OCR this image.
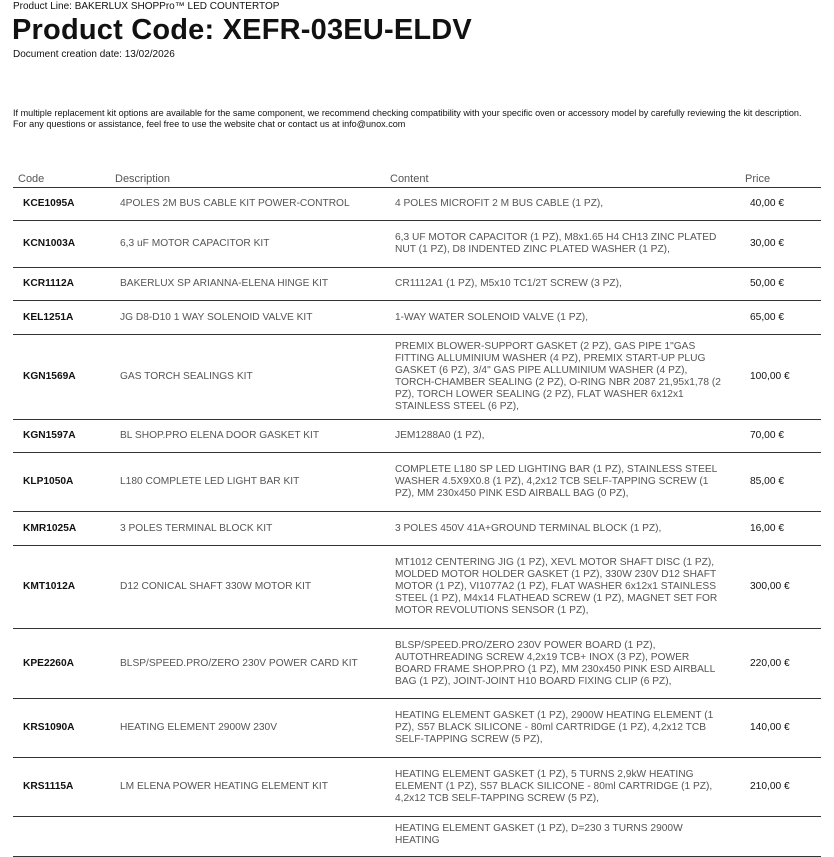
Product Line: BAKERLUX SHOPPro™ LED COUNTERTOP
Product Code: XEFR-03EU-ELDV
Document creation date: 13/02/2026
If multiple replacement kit options are available for the same component, we recommend checking compatibility with your specific oven or accessory model by carefully reviewing the kit description.
For any questions or assistance, feel free to use the website chat or contact us at info@unox.com
Code	Description	Content	Price
KCE1095A	4POLES 2M BUS CABLE KIT POWER-CONTROL	4 POLES MICROFIT 2 M BUS CABLE (1 PZ),	40,00 €
KCN1003A	6,3 uF MOTOR CAPACITOR KIT	6,3 UF MOTOR CAPACITOR (1 PZ), M8x1.65 H4 CH13 ZINC PLATED NUT (1 PZ), D8 INDENTED ZINC PLATED WASHER (1 PZ),	30,00 €
KCR1112A	BAKERLUX SP ARIANNA-ELENA HINGE KIT	CR1112A1 (1 PZ), M5x10 TC1/2T SCREW (3 PZ),	50,00 €
KEL1251A	JG D8-D10 1 WAY SOLENOID VALVE KIT	1-WAY WATER SOLENOID VALVE (1 PZ),	65,00 €
KGN1569A	GAS TORCH SEALINGS KIT	PREMIX BLOWER-SUPPORT GASKET (2 PZ), GAS PIPE 1"GAS FITTING ALLUMINIUM WASHER (4 PZ), PREMIX START-UP PLUG GASKET (6 PZ), 3/4" GAS PIPE ALLUMINIUM WASHER (4 PZ), TORCH-CHAMBER SEALING (2 PZ), O-RING NBR 2087 21,95x1,78 (2 PZ), TORCH LOWER SEALING (2 PZ), FLAT WASHER 6x12x1 STAINLESS STEEL (6 PZ),	100,00 €
KGN1597A	BL SHOP.PRO ELENA DOOR GASKET KIT	JEM1288A0 (1 PZ),	70,00 €
KLP1050A	L180 COMPLETE LED LIGHT BAR KIT	COMPLETE L180 SP LED LIGHTING BAR (1 PZ), STAINLESS STEEL WASHER 4.5X9X0.8 (1 PZ), 4,2x12 TCB SELF-TAPPING SCREW (1 PZ), MM 230x450 PINK ESD AIRBALL BAG (0 PZ),	85,00 €
KMR1025A	3 POLES TERMINAL BLOCK KIT	3 POLES 450V 41A+GROUND TERMINAL BLOCK (1 PZ),	16,00 €
KMT1012A	D12 CONICAL SHAFT 330W MOTOR KIT	MT1012 CENTERING JIG (1 PZ), XEVL MOTOR SHAFT DISC (1 PZ), MOLDED MOTOR HOLDER GASKET (1 PZ), 330W 230V D12 SHAFT MOTOR (1 PZ), VI1077A2 (1 PZ), FLAT WASHER 6x12x1 STAINLESS STEEL (1 PZ), M4x14 FLATHEAD SCREW (1 PZ), MAGNET SET FOR MOTOR REVOLUTIONS SENSOR (1 PZ),	300,00 €
KPE2260A	BLSP/SPEED.PRO/ZERO 230V POWER CARD KIT	BLSP/SPEED.PRO/ZERO 230V POWER BOARD (1 PZ), AUTOTHREADING SCREW 4,2x19 TCB+ INOX (3 PZ), POWER BOARD FRAME SHOP.PRO (1 PZ), MM 230x450 PINK ESD AIRBALL BAG (1 PZ), JOINT-JOINT H10 BOARD FIXING CLIP (6 PZ),	220,00 €
KRS1090A	HEATING ELEMENT 2900W 230V	HEATING ELEMENT GASKET (1 PZ), 2900W HEATING ELEMENT (1 PZ), S57 BLACK SILICONE - 80ml CARTRIDGE (1 PZ), 4,2x12 TCB SELF-TAPPING SCREW (5 PZ),	140,00 €
KRS1115A	LM ELENA POWER HEATING ELEMENT KIT	HEATING ELEMENT GASKET (1 PZ), 5 TURNS 2,9kW HEATING ELEMENT (1 PZ), S57 BLACK SILICONE - 80ml CARTRIDGE (1 PZ), 4,2x12 TCB SELF-TAPPING SCREW (5 PZ),	210,00 €
		HEATING ELEMENT GASKET (1 PZ), D=230 3 TURNS 2900W HEATING	
